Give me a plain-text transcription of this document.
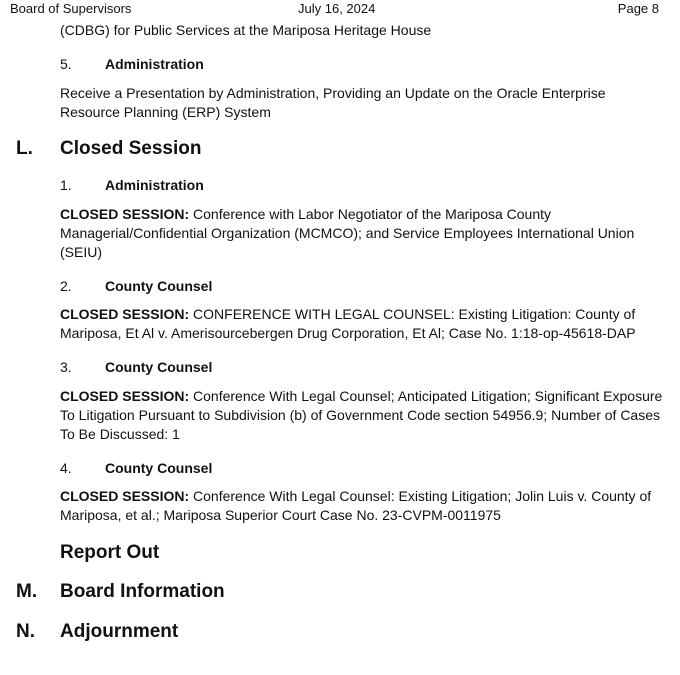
Board of Supervisors	July 16, 2024	Page 8
(CDBG) for Public Services at the Mariposa Heritage House
5. Administration
Receive a Presentation by Administration, Providing an Update on the Oracle Enterprise Resource Planning (ERP) System
L. Closed Session
1. Administration
CLOSED SESSION: Conference with Labor Negotiator of the Mariposa County Managerial/Confidential Organization (MCMCO); and Service Employees International Union (SEIU)
2. County Counsel
CLOSED SESSION: CONFERENCE WITH LEGAL COUNSEL: Existing Litigation: County of Mariposa, Et Al v. Amerisourcebergen Drug Corporation, Et Al; Case No. 1:18-op-45618-DAP
3. County Counsel
CLOSED SESSION: Conference With Legal Counsel; Anticipated Litigation; Significant Exposure To Litigation Pursuant to Subdivision (b) of Government Code section 54956.9; Number of Cases To Be Discussed: 1
4. County Counsel
CLOSED SESSION: Conference With Legal Counsel: Existing Litigation; Jolin Luis v. County of Mariposa, et al.; Mariposa Superior Court Case No. 23-CVPM-0011975
Report Out
M. Board Information
N. Adjournment
